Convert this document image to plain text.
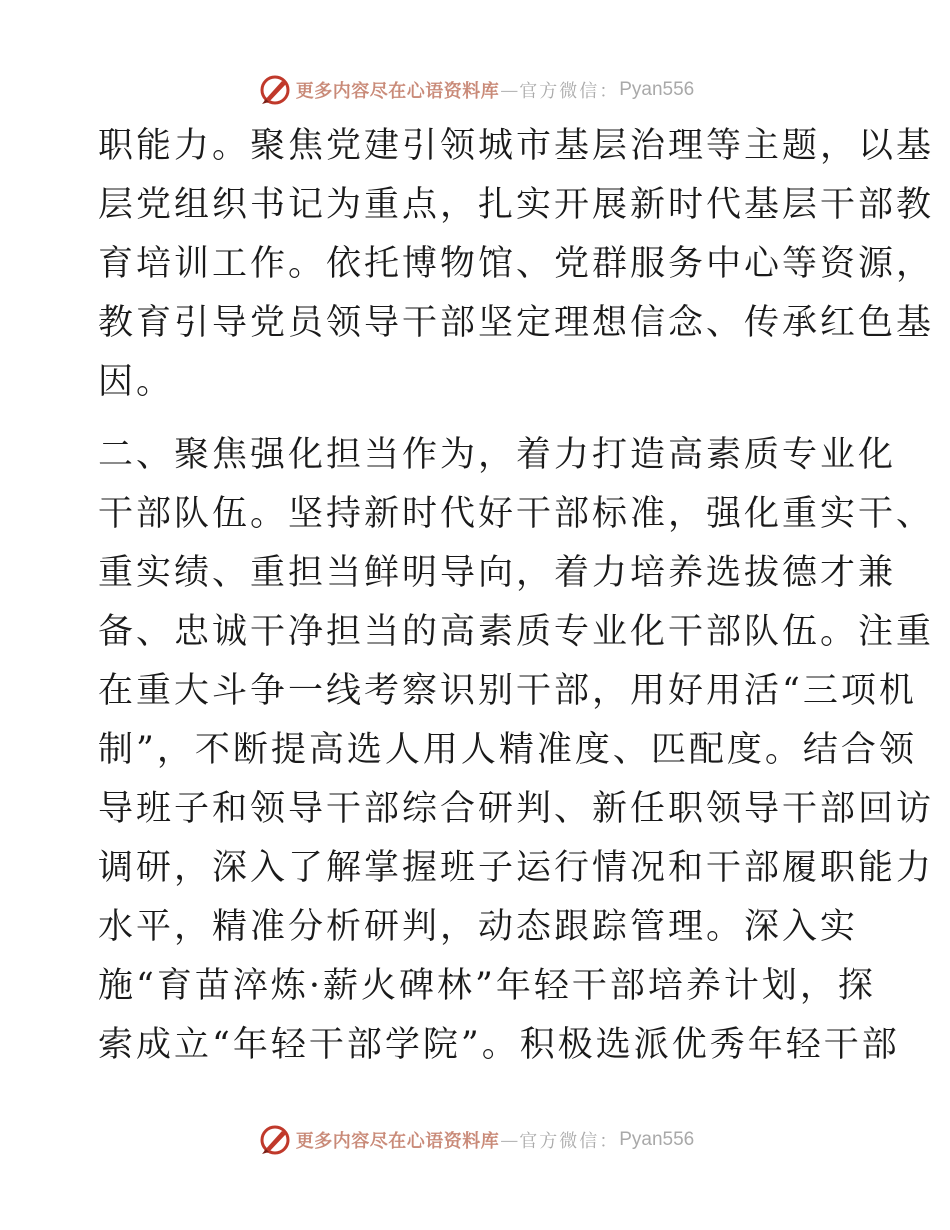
更多内容尽在心语资料库 — 官方微信： Pyan556
职能力。聚焦党建引领城市基层治理等主题，以基
层党组织书记为重点，扎实开展新时代基层干部教
育培训工作。依托博物馆、党群服务中心等资源，
教育引导党员领导干部坚定理想信念、传承红色基
因。
二、聚焦强化担当作为，着力打造高素质专业化
干部队伍。坚持新时代好干部标准，强化重实干、
重实绩、重担当鲜明导向，着力培养选拔德才兼
备、忠诚干净担当的高素质专业化干部队伍。注重
在重大斗争一线考察识别干部，用好用活“三项机
制”，不断提高选人用人精准度、匹配度。结合领
导班子和领导干部综合研判、新任职领导干部回访
调研，深入了解掌握班子运行情况和干部履职能力
水平，精准分析研判，动态跟踪管理。深入实
施“育苗淬炼·薪火碑林”年轻干部培养计划，探
索成立“年轻干部学院”。积极选派优秀年轻干部
更多内容尽在心语资料库 — 官方微信： Pyan556
